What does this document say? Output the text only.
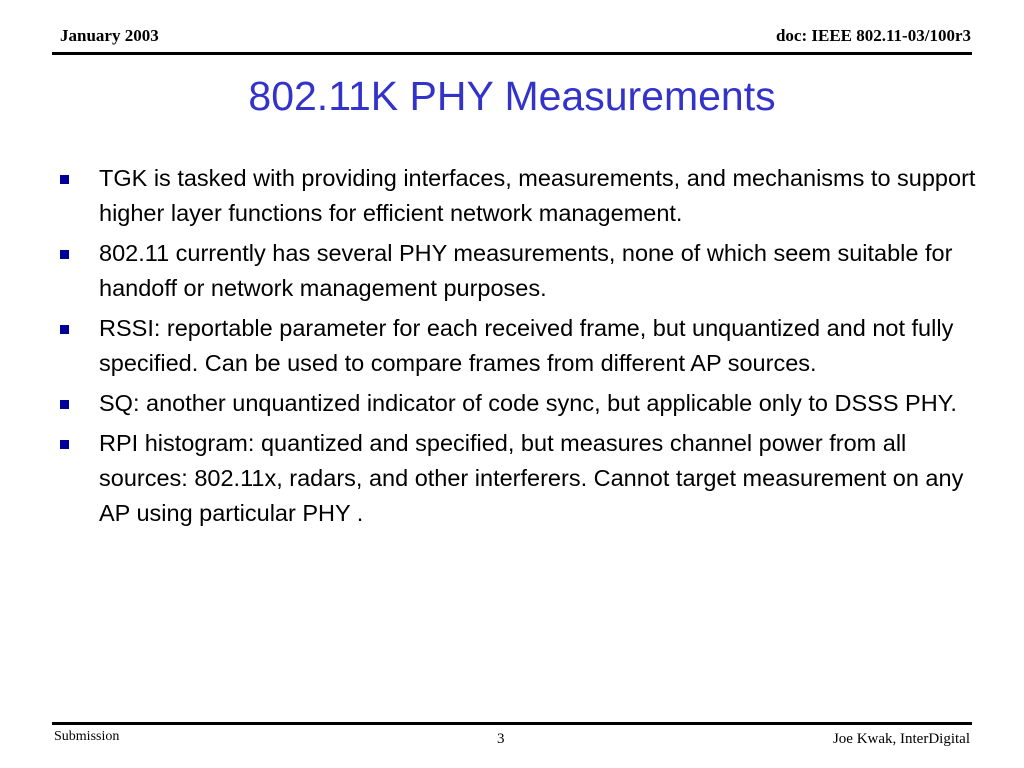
January 2003	doc: IEEE 802.11-03/100r3
802.11K PHY Measurements
TGK is tasked with providing interfaces, measurements, and mechanisms to support higher layer functions for efficient network management.
802.11 currently has several PHY measurements, none of which seem suitable for handoff or network management purposes.
RSSI: reportable parameter for each received frame, but unquantized and not fully specified. Can be used to compare frames from different AP sources.
SQ: another unquantized indicator of code sync, but applicable only to DSSS PHY.
RPI histogram: quantized and specified, but measures channel power from all sources: 802.11x, radars, and other interferers. Cannot target measurement on any AP using particular PHY .
Submission	3	Joe Kwak, InterDigital
